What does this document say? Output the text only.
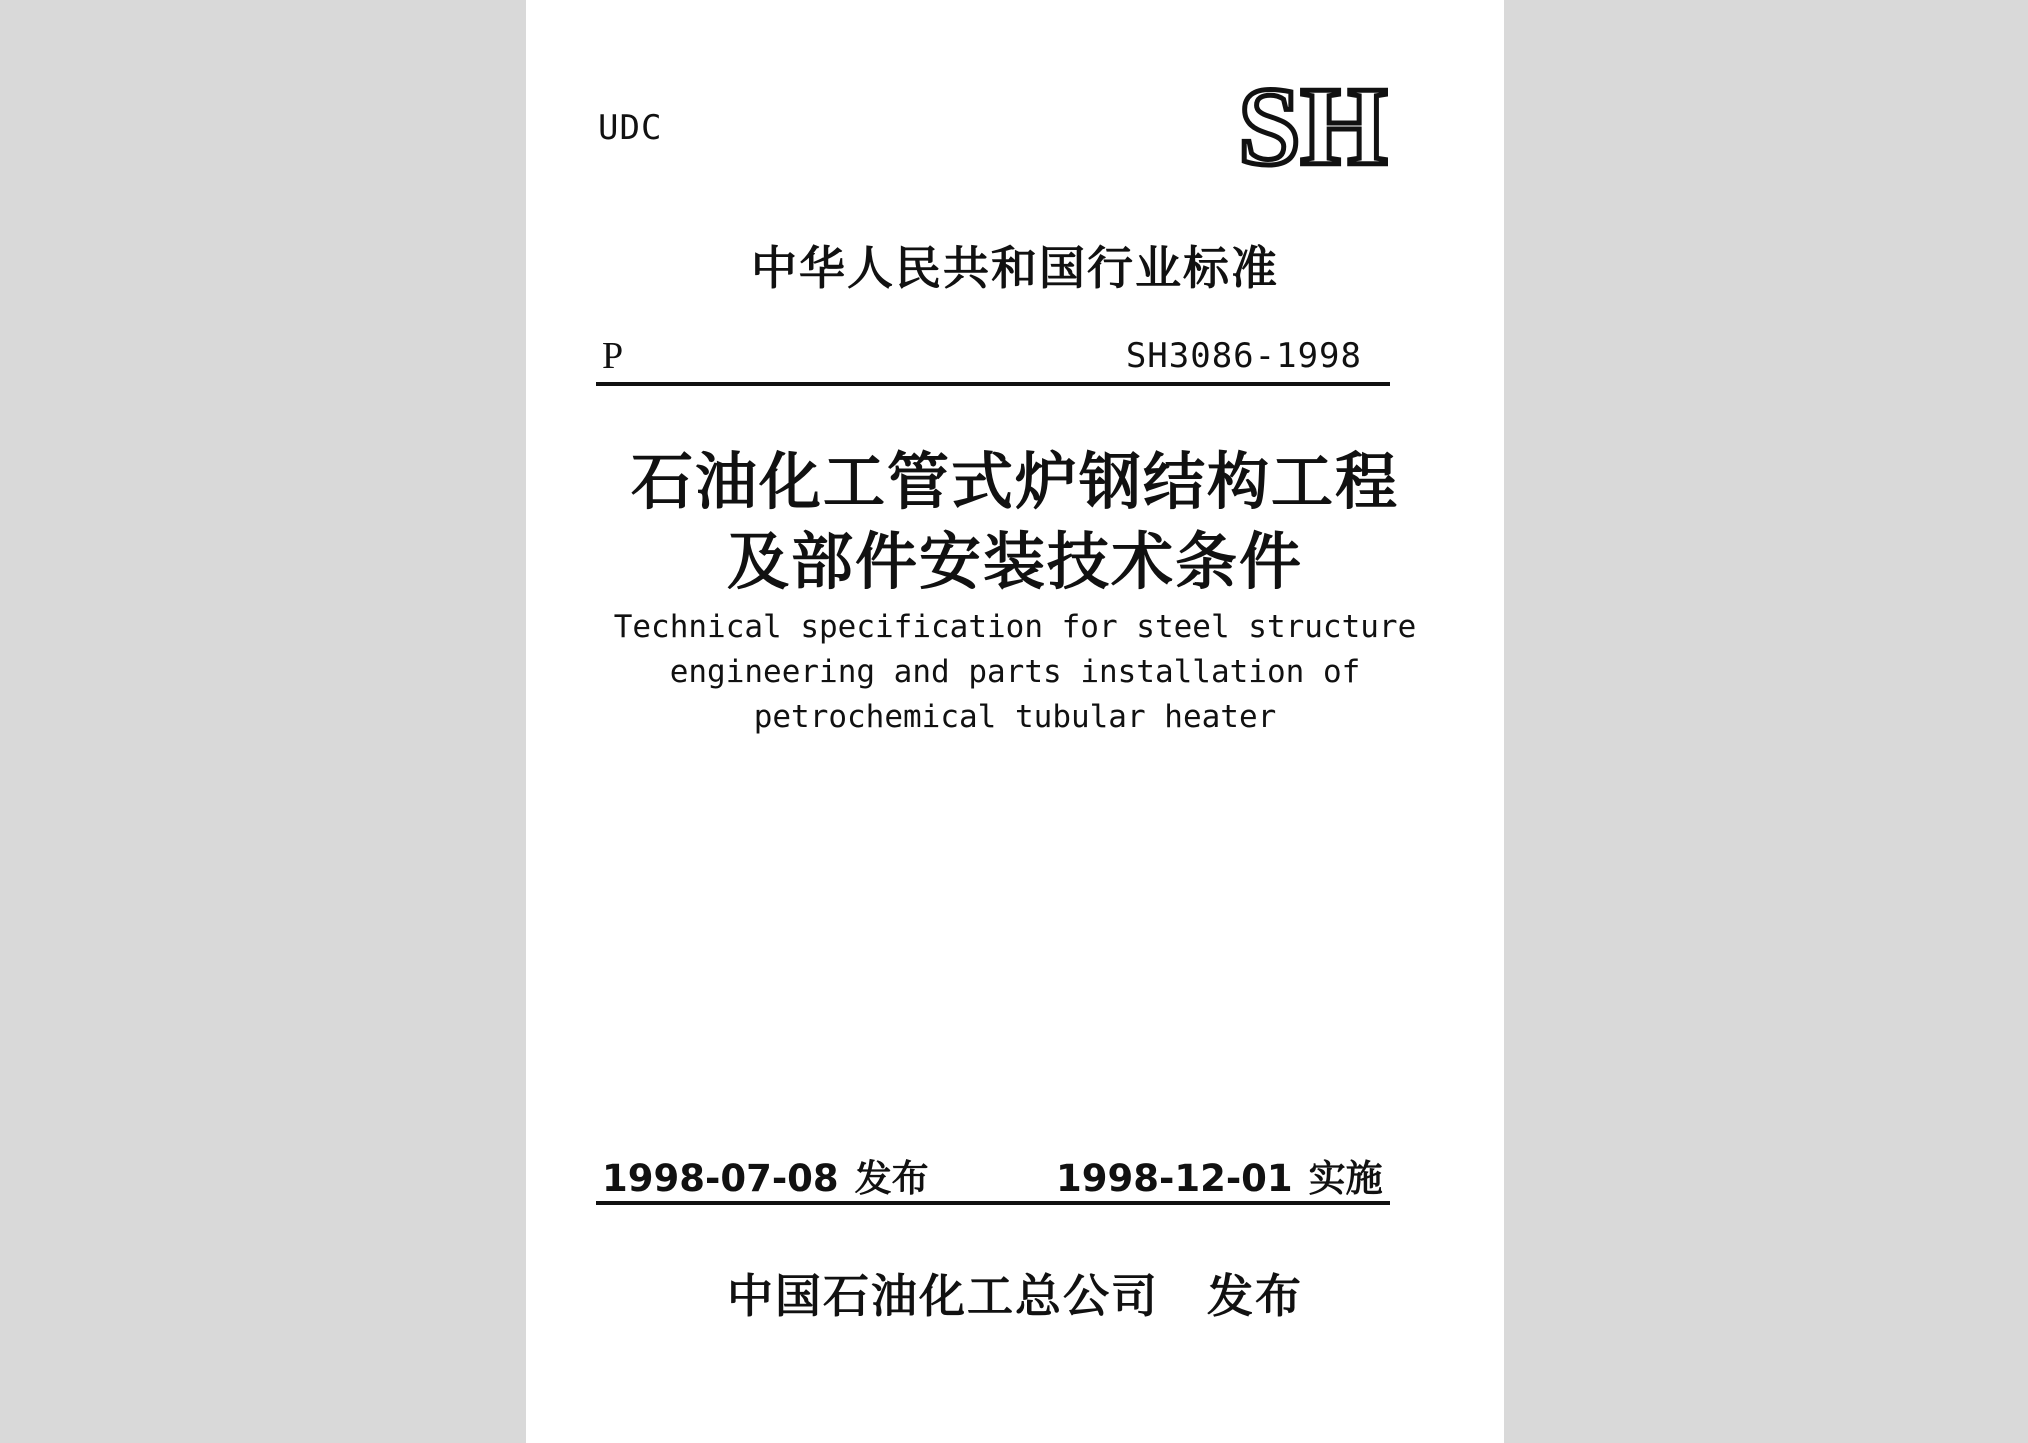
UDC	SH
中华人民共和国行业标准
P	SH3086-1998
石油化工管式炉钢结构工程
及部件安装技术条件
Technical specification for steel structure
engineering and parts installation of
petrochemical tubular heater
1998-07-08 发布	1998-12-01 实施
中国石油化工总公司 发布
